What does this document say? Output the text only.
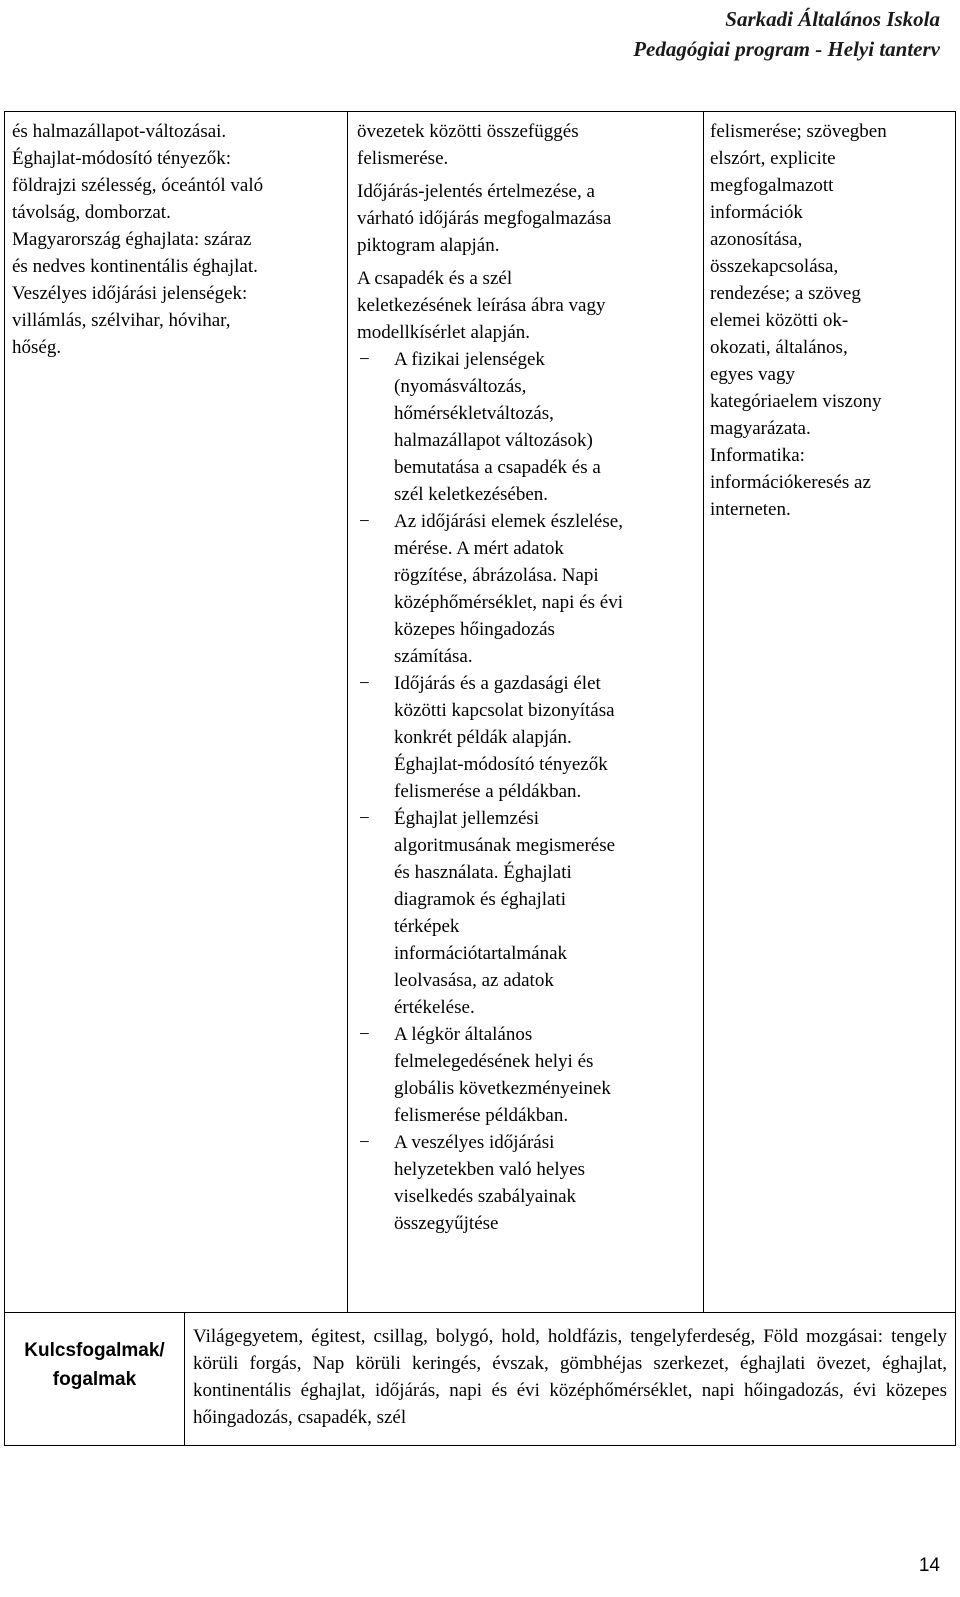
Sarkadi Általános Iskola
Pedagógiai program - Helyi tanterv
és halmazállapot-változásai.
Éghajlat-módosító tényezők:
földrajzi szélesség, óceántól való
távolság, domborzat.
Magyarország éghajlata: száraz
és nedves kontinentális éghajlat.
Veszélyes időjárási jelenségek:
villámlás, szélvihar, hóvihar,
hőség.
övezetek közötti összefüggés
felismerése.
Időjárás-jelentés értelmezése, a
várható időjárás megfogalmazása
piktogram alapján.
A csapadék és a szél
keletkezésének leírása ábra vagy
modellkísérlet alapján.
− A fizikai jelenségek
(nyomásváltozás,
hőmérsékletváltozás,
halmazállapot változások)
bemutatása a csapadék és a
szél keletkezésében.
− Az időjárási elemek észlelése,
mérése. A mért adatok
rögzítése, ábrázolása. Napi
középhőmérséklet, napi és évi
közepes hőingadozás
számítása.
− Időjárás és a gazdasági élet
közötti kapcsolat bizonyítása
konkrét példák alapján.
Éghajlat-módosító tényezők
felismerése a példákban.
− Éghajlat jellemzési
algoritmusának megismerése
és használata. Éghajlati
diagramok és éghajlati
térképek
információtartalmának
leolvasása, az adatok
értékelése.
− A légkör általános
felmelegedésének helyi és
globális következményeinek
felismerése példákban.
− A veszélyes időjárási
helyzetekben való helyes
viselkedés szabályainak
összegyűjtése
felismerése; szövegben
elszórt, explicite
megfogalmazott
információk
azonosítása,
összekapcsolása,
rendezése; a szöveg
elemei közötti ok-
okozati, általános,
egyes vagy
kategóriaelem viszony
magyarázata.
Informatika:
információkeresés az
interneten.
Kulcsfogalmak/
fogalmak
Világegyetem, égitest, csillag, bolygó, hold, holdfázis, tengelyferdeség, Föld mozgásai: tengely körüli forgás, Nap körüli keringés, évszak, gömbhéjas szerkezet, éghajlati övezet, éghajlat, kontinentális éghajlat, időjárás, napi és évi középhőmérséklet, napi hőingadozás, évi közepes hőingadozás, csapadék, szél
14
